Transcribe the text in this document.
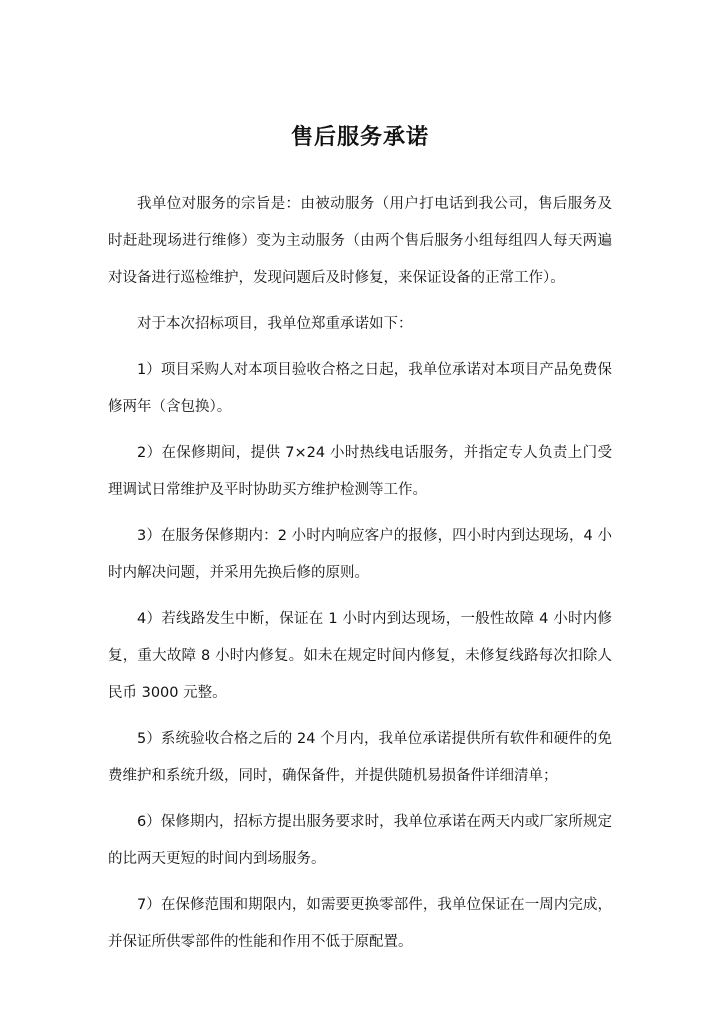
售后服务承诺

我单位对服务的宗旨是：由被动服务（用户打电话到我公司，售后服务及时赶赴现场进行维修）变为主动服务（由两个售后服务小组每组四人每天两遍对设备进行巡检维护，发现问题后及时修复，来保证设备的正常工作）。

对于本次招标项目，我单位郑重承诺如下：

1）项目采购人对本项目验收合格之日起，我单位承诺对本项目产品免费保修两年（含包换）。

2）在保修期间，提供 7×24 小时热线电话服务，并指定专人负责上门受理调试日常维护及平时协助买方维护检测等工作。

3）在服务保修期内：2 小时内响应客户的报修，四小时内到达现场，4 小时内解决问题，并采用先换后修的原则。

4）若线路发生中断，保证在 1 小时内到达现场，一般性故障 4 小时内修复，重大故障 8 小时内修复。如未在规定时间内修复，未修复线路每次扣除人民币 3000 元整。

5）系统验收合格之后的 24 个月内，我单位承诺提供所有软件和硬件的免费维护和系统升级，同时，确保备件，并提供随机易损备件详细清单；

6）保修期内，招标方提出服务要求时，我单位承诺在两天内或厂家所规定的比两天更短的时间内到场服务。

7）在保修范围和期限内，如需要更换零部件，我单位保证在一周内完成，并保证所供零部件的性能和作用不低于原配置。
